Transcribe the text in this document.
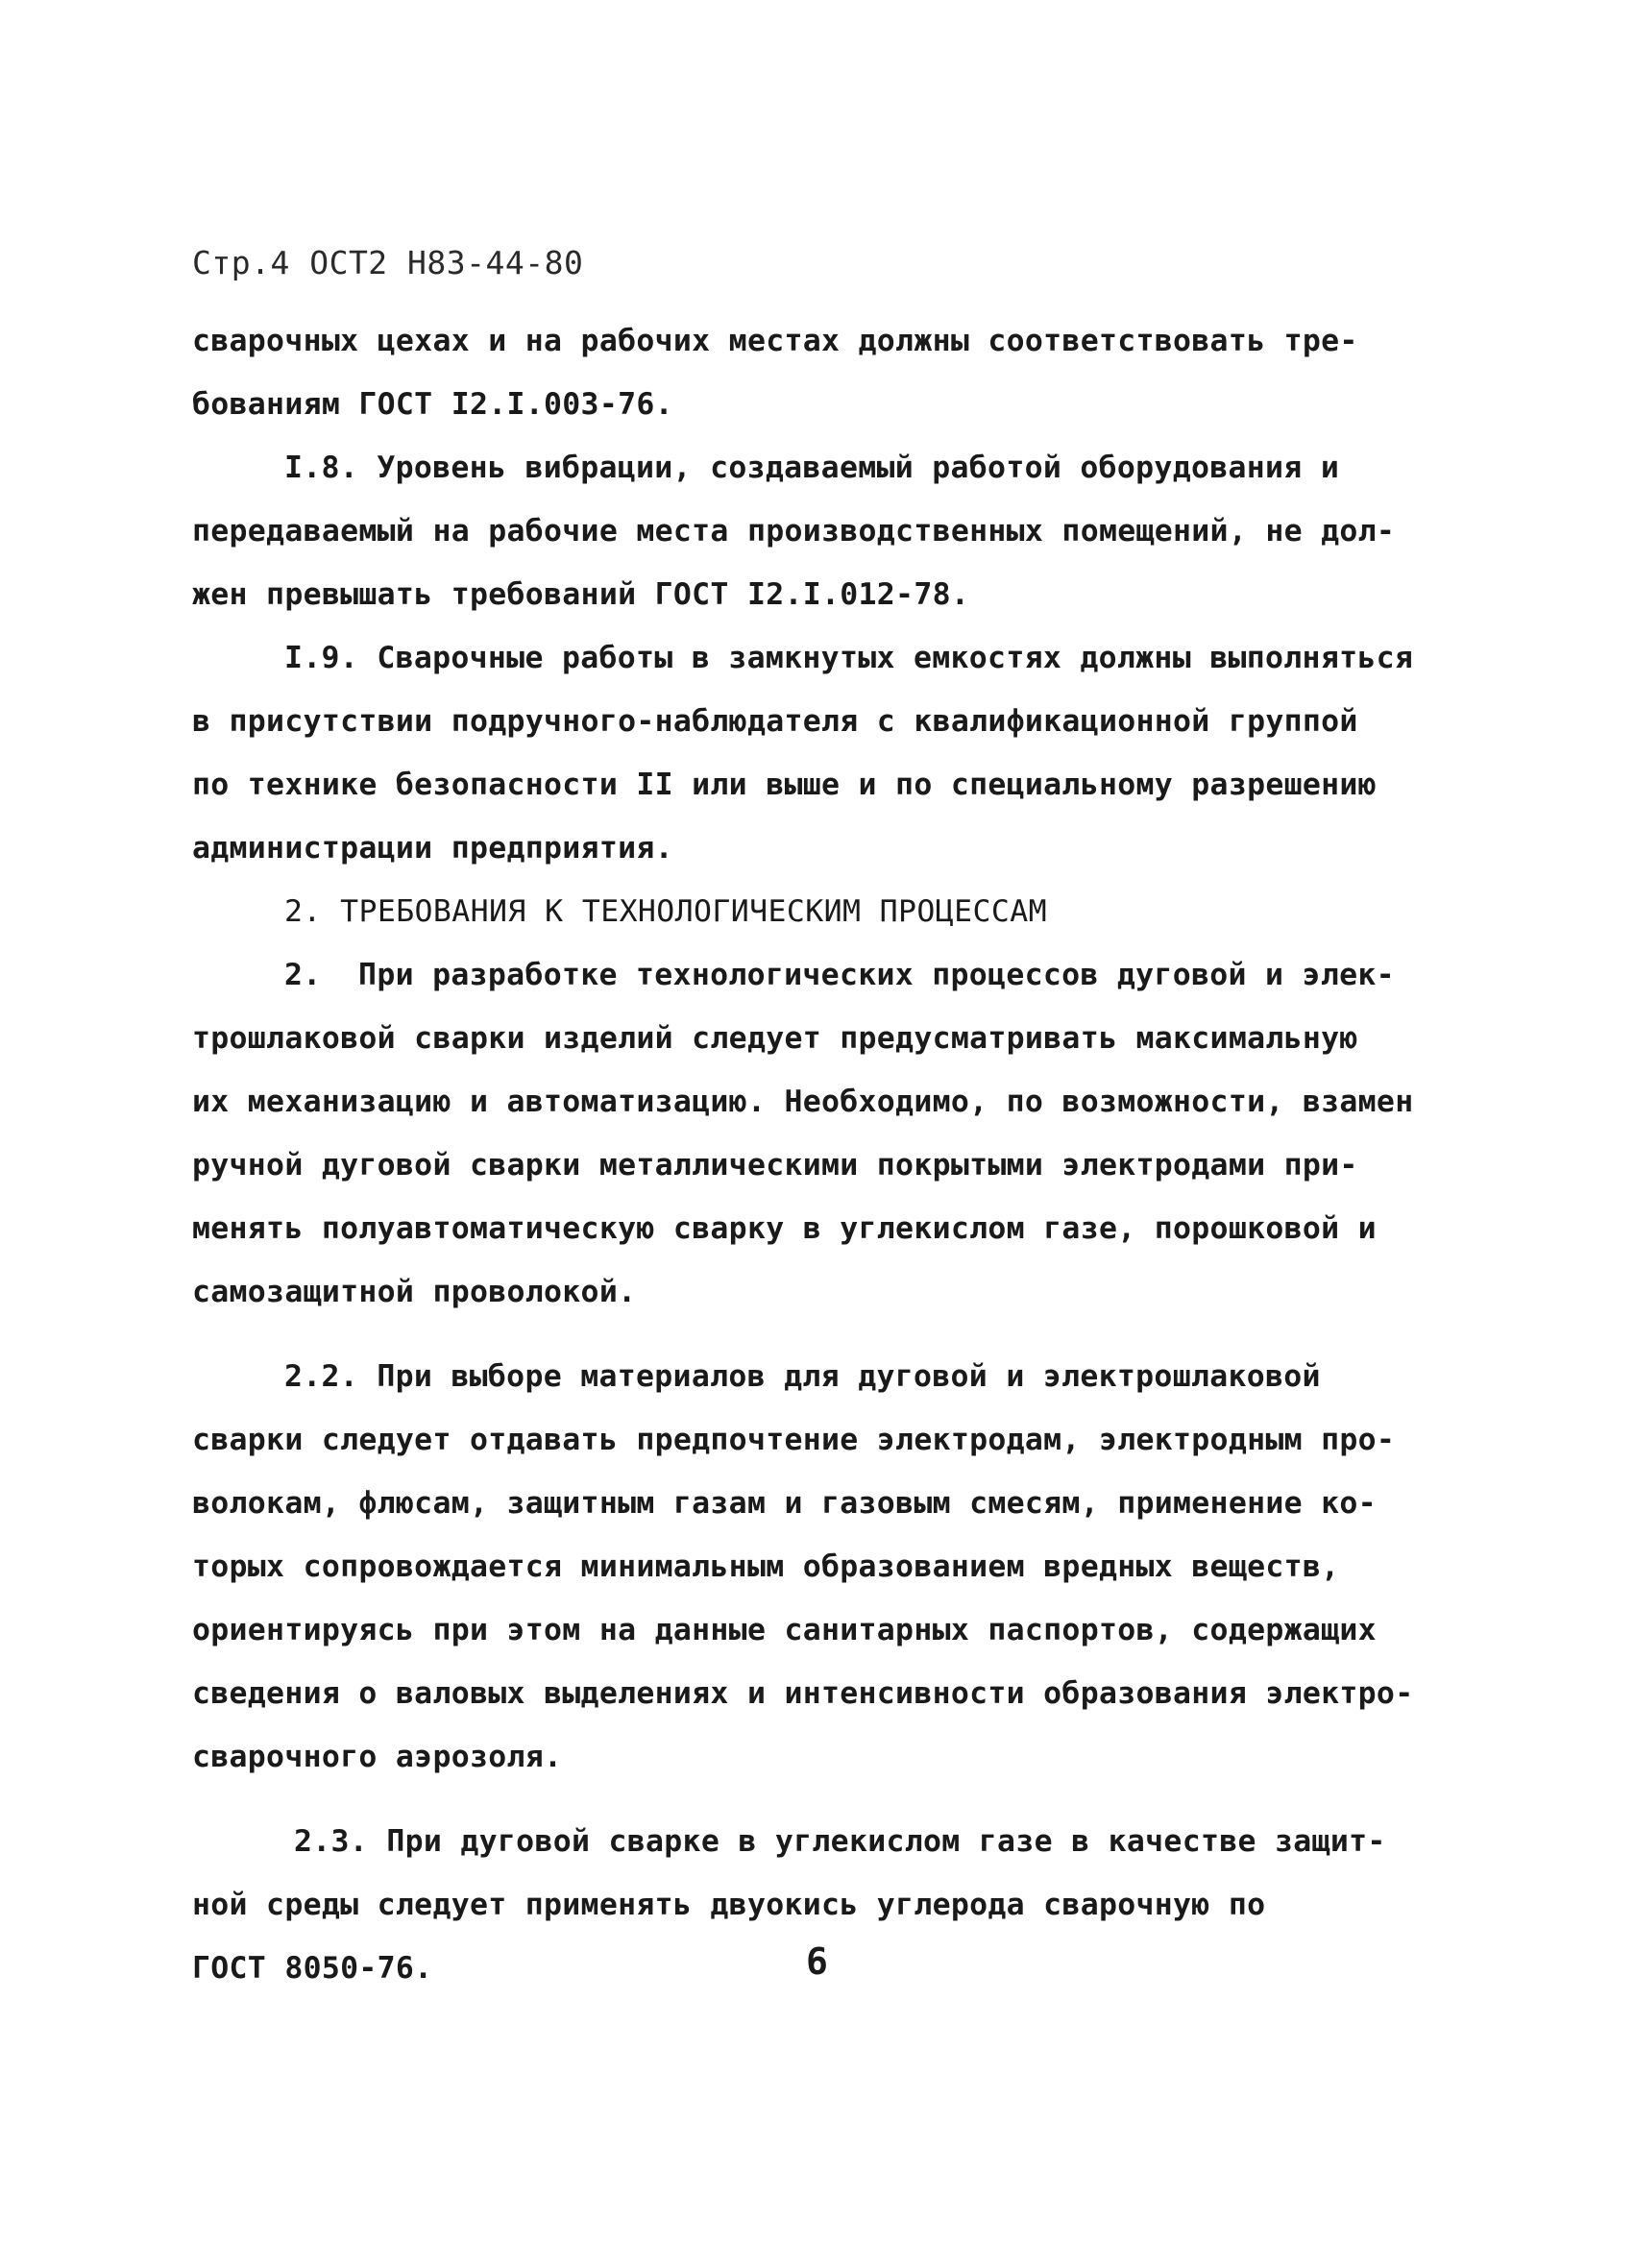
Стр.4 ОСТ2 Н83-44-80
сварочных цехах и на рабочих местах должны соответствовать тре-
бованиям ГОСТ I2.I.003-76.
I.8. Уровень вибрации, создаваемый работой оборудования и
передаваемый на рабочие места производственных помещений, не дол-
жен превышать требований ГОСТ I2.I.012-78.
I.9. Сварочные работы в замкнутых емкостях должны выполняться
в присутствии подручного-наблюдателя с квалификационной группой
по технике безопасности II или выше и по специальному разрешению
администрации предприятия.
2. ТРЕБОВАНИЯ К ТЕХНОЛОГИЧЕСКИМ ПРОЦЕССАМ
2.  При разработке технологических процессов дуговой и элек-
трошлаковой сварки изделий следует предусматривать максимальную
их механизацию и автоматизацию. Необходимо, по возможности, взамен
ручной дуговой сварки металлическими покрытыми электродами при-
менять полуавтоматическую сварку в углекислом газе, порошковой и
самозащитной проволокой.
2.2. При выборе материалов для дуговой и электрошлаковой
сварки следует отдавать предпочтение электродам, электродным про-
волокам, флюсам, защитным газам и газовым смесям, применение ко-
торых сопровождается минимальным образованием вредных веществ,
ориентируясь при этом на данные санитарных паспортов, содержащих
сведения о валовых выделениях и интенсивности образования электро-
сварочного аэрозоля.
2.3. При дуговой сварке в углекислом газе в качестве защит-
ной среды следует применять двуокись углерода сварочную по
ГОСТ 8050-76.	6
